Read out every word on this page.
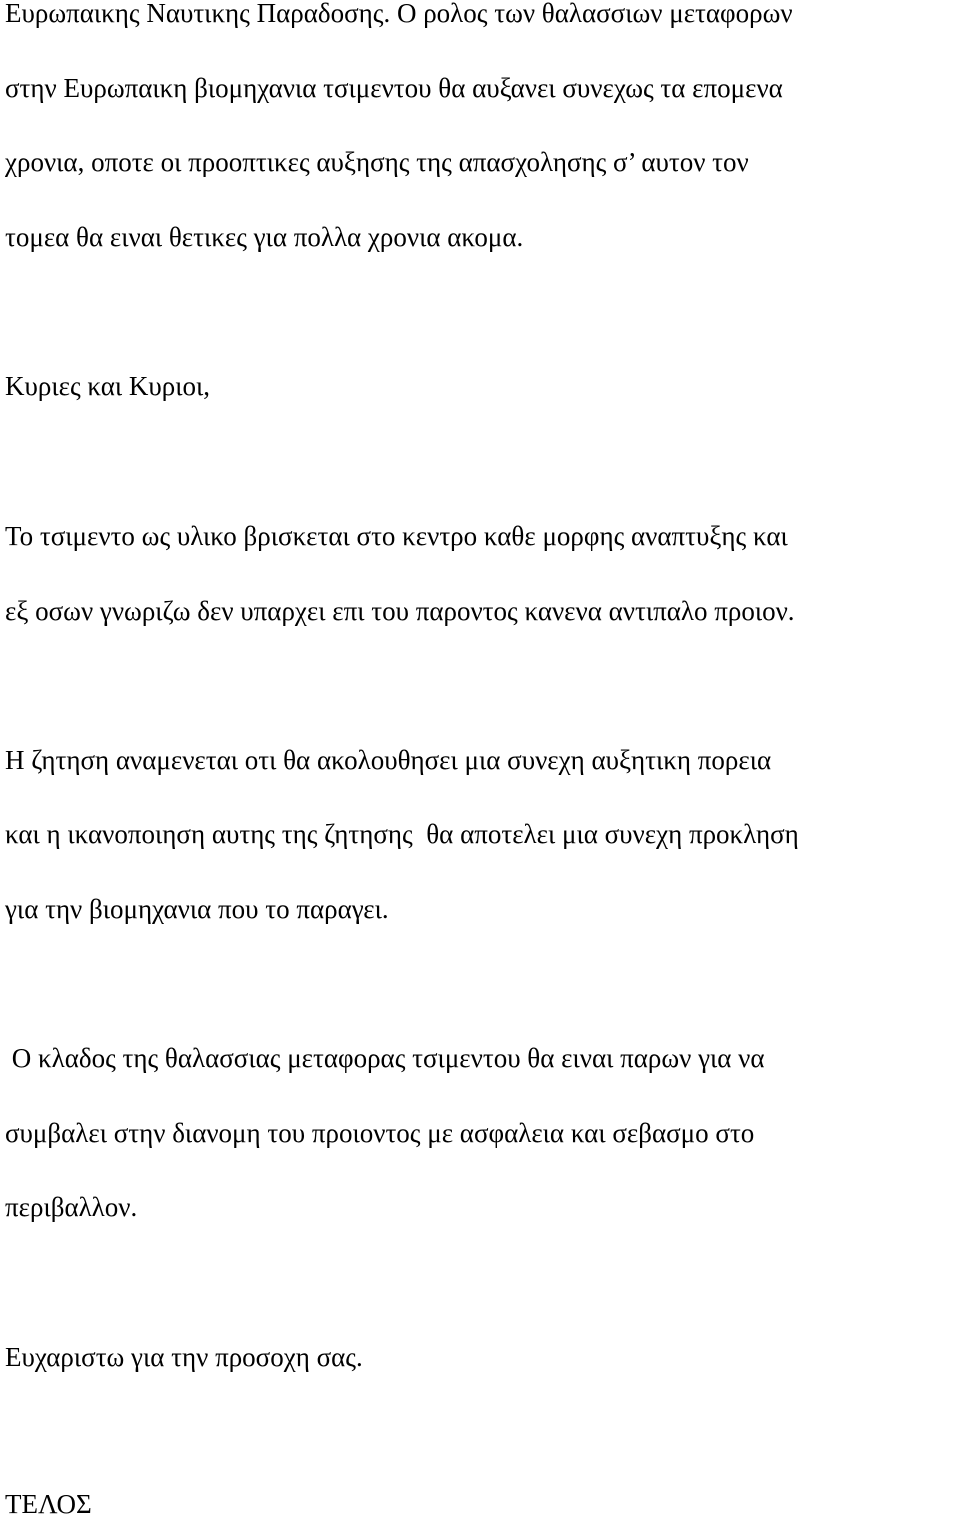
Ευρωπαικης Ναυτικης Παραδοσης. Ο ρολος των θαλασσιων μεταφορων

στην Ευρωπαικη βιομηχανια τσιμεντου θα αυξανει συνεχως τα επομενα

χρονια, οποτε οι προοπτικες αυξησης της απασχολησης σ’ αυτον τον

τομεα θα ειναι θετικες για πολλα χρονια ακομα.

Κυριες και Κυριοι,

Το τσιμεντο ως υλικο βρισκεται στο κεντρο καθε μορφης αναπτυξης και

εξ οσων γνωριζω δεν υπαρχει επι του παροντος κανενα αντιπαλο προιον.

Η ζητηση αναμενεται οτι θα ακολουθησει μια συνεχη αυξητικη πορεια

και η ικανοποιηση αυτης της ζητησης  θα αποτελει μια συνεχη προκληση

για την βιομηχανια που το παραγει.

Ο κλαδος της θαλασσιας μεταφορας τσιμεντου θα ειναι παρων για να

συμβαλει στην διανομη του προιοντος με ασφαλεια και σεβασμο στο

περιβαλλον.

Ευχαριστω για την προσοχη σας.

ΤΕΛΟΣ
